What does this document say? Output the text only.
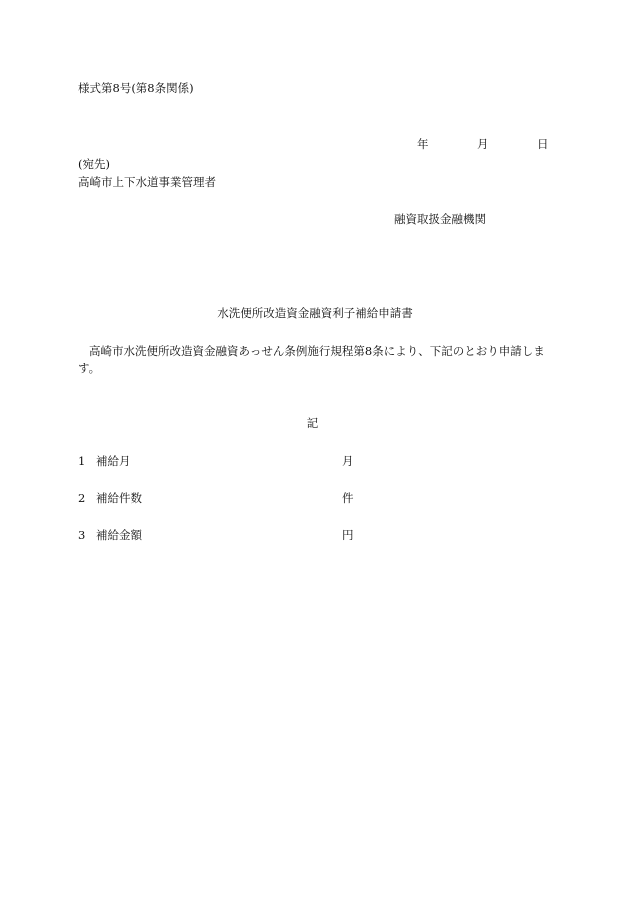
様式第8号(第8条関係)
年	月	日
(宛先)
高崎市上下水道事業管理者
融資取扱金融機関
水洗便所改造資金融資利子補給申請書
高崎市水洗便所改造資金融資あっせん条例施行規程第8条により、下記のとおり申請します。
記
1 補給月	月
2 補給件数	件
3 補給金額	円
